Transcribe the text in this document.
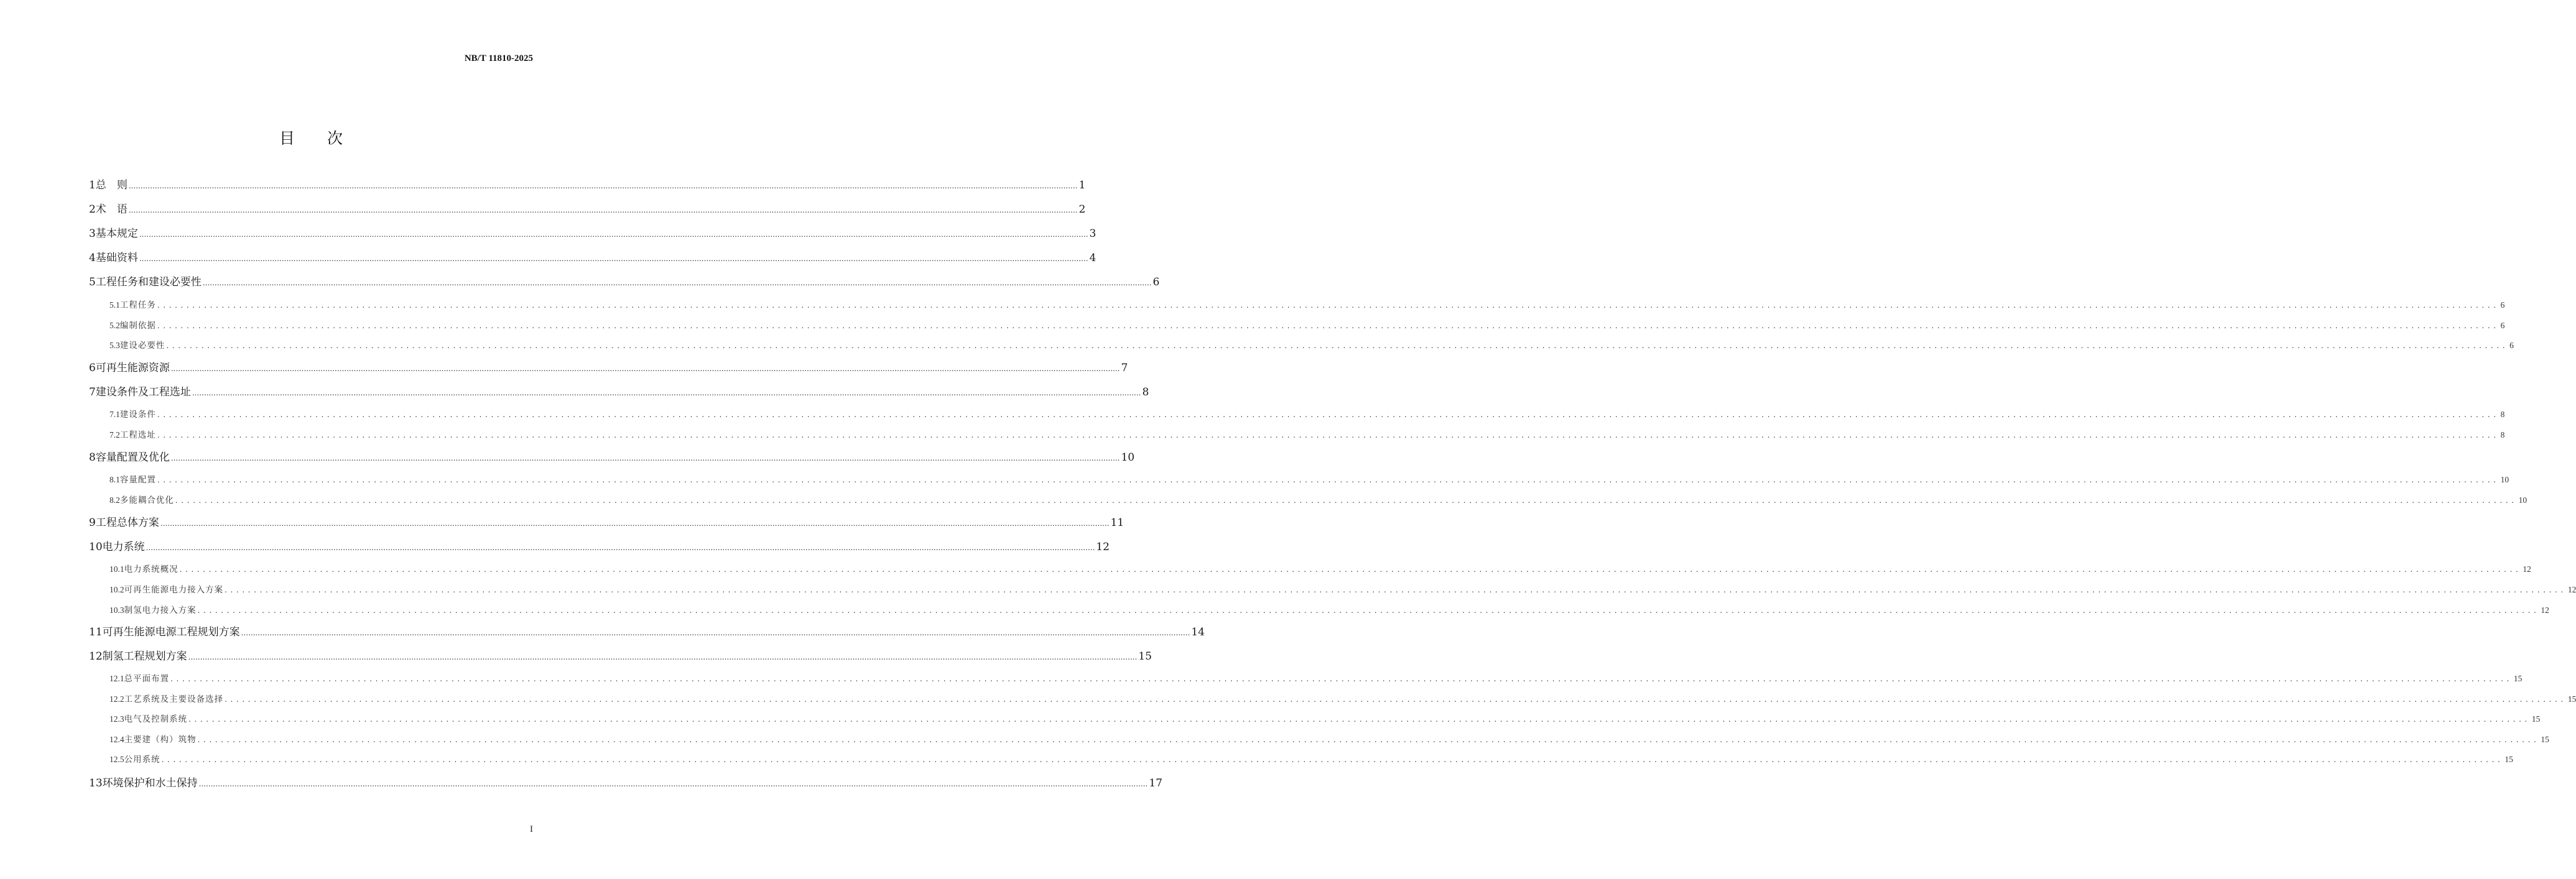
NB/T 11810-2025
目 次
1 总　则 ................................................................................................................................................................................................................................................................................................................................................................................................................ 1
2 术　语 ................................................................................................................................................................................................................................................................................................................................................................................................................ 2
3 基本规定 ................................................................................................................................................................................................................................................................................................................................................................................................................ 3
4 基础资料 ................................................................................................................................................................................................................................................................................................................................................................................................................ 4
5 工程任务和建设必要性 ................................................................................................................................................................................................................................................................................................................................................................................................................ 6
5.1 工程任务 ................................................................................................................................................................................................................................................................................................................................................................................................................ 6
5.2 编制依据 ................................................................................................................................................................................................................................................................................................................................................................................................................ 6
5.3 建设必要性 ................................................................................................................................................................................................................................................................................................................................................................................................................ 6
6 可再生能源资源 ................................................................................................................................................................................................................................................................................................................................................................................................................ 7
7 建设条件及工程选址 ................................................................................................................................................................................................................................................................................................................................................................................................................ 8
7.1 建设条件 ................................................................................................................................................................................................................................................................................................................................................................................................................ 8
7.2 工程选址 ................................................................................................................................................................................................................................................................................................................................................................................................................ 8
8 容量配置及优化 ................................................................................................................................................................................................................................................................................................................................................................................................................ 10
8.1 容量配置 ................................................................................................................................................................................................................................................................................................................................................................................................................ 10
8.2 多能耦合优化 ................................................................................................................................................................................................................................................................................................................................................................................................................ 10
9 工程总体方案 ................................................................................................................................................................................................................................................................................................................................................................................................................ 11
10 电力系统 ................................................................................................................................................................................................................................................................................................................................................................................................................ 12
10.1 电力系统概况 ................................................................................................................................................................................................................................................................................................................................................................................................................ 12
10.2 可再生能源电力接入方案 ................................................................................................................................................................................................................................................................................................................................................................................................................ 12
10.3 制氢电力接入方案 ................................................................................................................................................................................................................................................................................................................................................................................................................ 12
11 可再生能源电源工程规划方案 ................................................................................................................................................................................................................................................................................................................................................................................................................ 14
12 制氢工程规划方案 ................................................................................................................................................................................................................................................................................................................................................................................................................ 15
12.1 总平面布置 ................................................................................................................................................................................................................................................................................................................................................................................................................ 15
12.2 工艺系统及主要设备选择 ................................................................................................................................................................................................................................................................................................................................................................................................................ 15
12.3 电气及控制系统 ................................................................................................................................................................................................................................................................................................................................................................................................................ 15
12.4 主要建（构）筑物 ................................................................................................................................................................................................................................................................................................................................................................................................................ 15
12.5 公用系统 ................................................................................................................................................................................................................................................................................................................................................................................................................ 15
13 环境保护和水土保持 ................................................................................................................................................................................................................................................................................................................................................................................................................ 17
I
